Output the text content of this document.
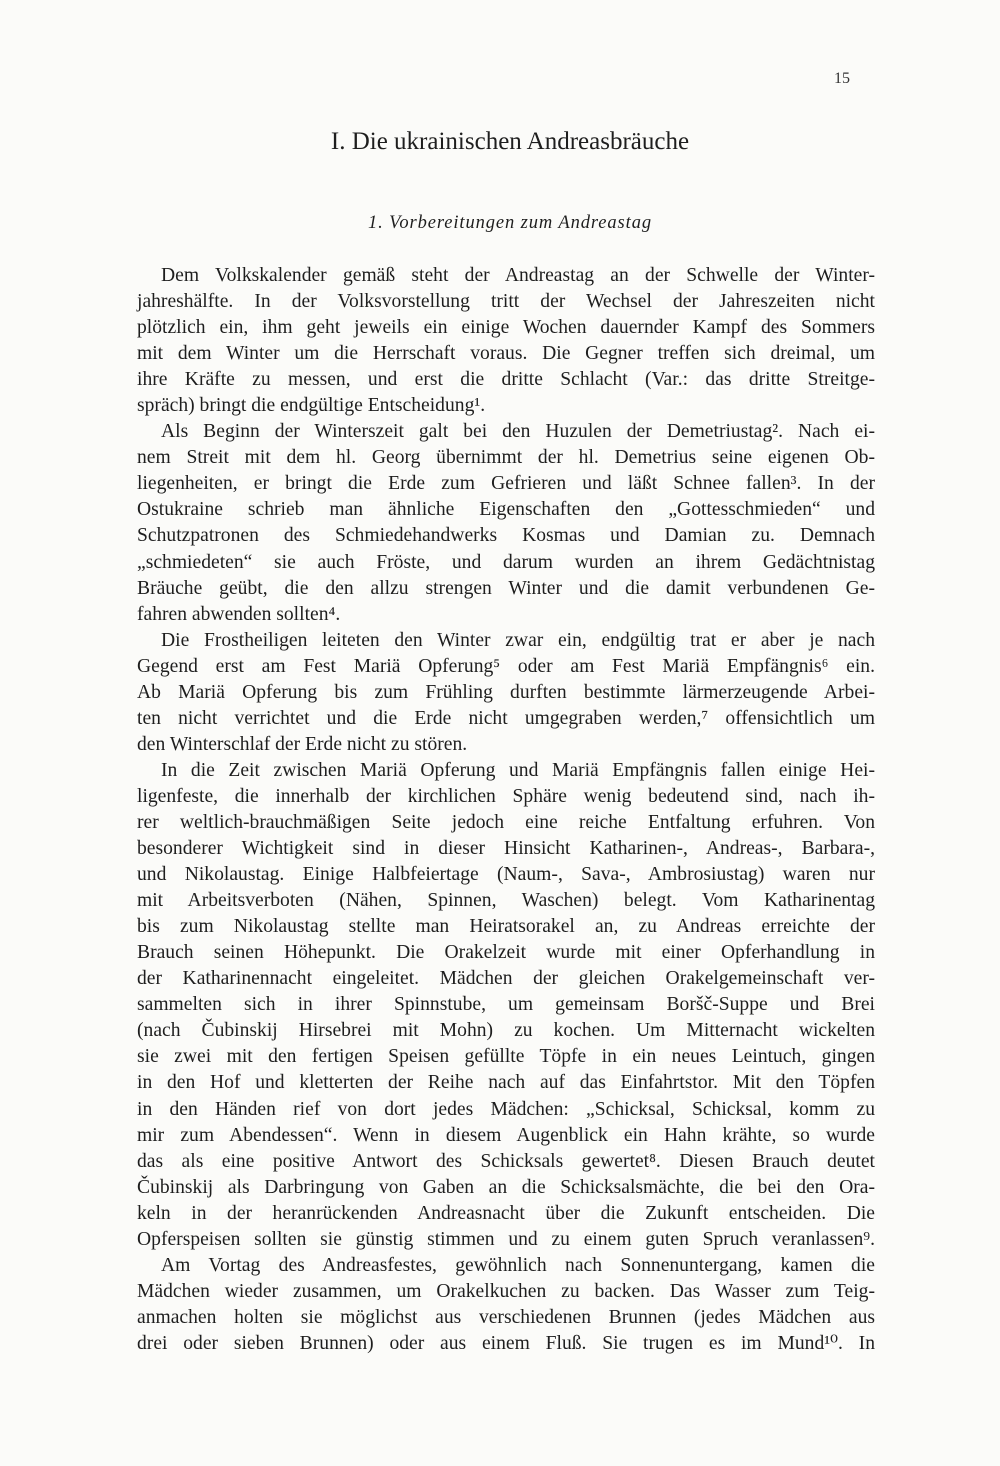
15
I. Die ukrainischen Andreasbräuche
1. Vorbereitungen zum Andreastag
Dem Volkskalender gemäß steht der Andreastag an der Schwelle der Winter-
jahreshälfte. In der Volksvorstellung tritt der Wechsel der Jahreszeiten nicht
plötzlich ein, ihm geht jeweils ein einige Wochen dauernder Kampf des Sommers
mit dem Winter um die Herrschaft voraus. Die Gegner treffen sich dreimal, um
ihre Kräfte zu messen, und erst die dritte Schlacht (Var.: das dritte Streitge-
spräch) bringt die endgültige Entscheidung¹.
Als Beginn der Winterszeit galt bei den Huzulen der Demetriustag². Nach ei-
nem Streit mit dem hl. Georg übernimmt der hl. Demetrius seine eigenen Ob-
liegenheiten, er bringt die Erde zum Gefrieren und läßt Schnee fallen³. In der
Ostukraine schrieb man ähnliche Eigenschaften den „Gottesschmieden“ und
Schutzpatronen des Schmiedehandwerks Kosmas und Damian zu. Demnach
„schmiedeten“ sie auch Fröste, und darum wurden an ihrem Gedächtnistag
Bräuche geübt, die den allzu strengen Winter und die damit verbundenen Ge-
fahren abwenden sollten⁴.
Die Frostheiligen leiteten den Winter zwar ein, endgültig trat er aber je nach
Gegend erst am Fest Mariä Opferung⁵ oder am Fest Mariä Empfängnis⁶ ein.
Ab Mariä Opferung bis zum Frühling durften bestimmte lärmerzeugende Arbei-
ten nicht verrichtet und die Erde nicht umgegraben werden,⁷ offensichtlich um
den Winterschlaf der Erde nicht zu stören.
In die Zeit zwischen Mariä Opferung und Mariä Empfängnis fallen einige Hei-
ligenfeste, die innerhalb der kirchlichen Sphäre wenig bedeutend sind, nach ih-
rer weltlich-brauchmäßigen Seite jedoch eine reiche Entfaltung erfuhren. Von
besonderer Wichtigkeit sind in dieser Hinsicht Katharinen-, Andreas-, Barbara-,
und Nikolaustag. Einige Halbfeiertage (Naum-, Sava-, Ambrosiustag) waren nur
mit Arbeitsverboten (Nähen, Spinnen, Waschen) belegt. Vom Katharinentag
bis zum Nikolaustag stellte man Heiratsorakel an, zu Andreas erreichte der
Brauch seinen Höhepunkt. Die Orakelzeit wurde mit einer Opferhandlung in
der Katharinennacht eingeleitet. Mädchen der gleichen Orakelgemeinschaft ver-
sammelten sich in ihrer Spinnstube, um gemeinsam Boršč-Suppe und Brei
(nach Čubinskij Hirsebrei mit Mohn) zu kochen. Um Mitternacht wickelten
sie zwei mit den fertigen Speisen gefüllte Töpfe in ein neues Leintuch, gingen
in den Hof und kletterten der Reihe nach auf das Einfahrtstor. Mit den Töpfen
in den Händen rief von dort jedes Mädchen: „Schicksal, Schicksal, komm zu
mir zum Abendessen“. Wenn in diesem Augenblick ein Hahn krähte, so wurde
das als eine positive Antwort des Schicksals gewertet⁸. Diesen Brauch deutet
Čubinskij als Darbringung von Gaben an die Schicksalsmächte, die bei den Ora-
keln in der heranrückenden Andreasnacht über die Zukunft entscheiden. Die
Opferspeisen sollten sie günstig stimmen und zu einem guten Spruch veranlassen⁹.
Am Vortag des Andreasfestes, gewöhnlich nach Sonnenuntergang, kamen die
Mädchen wieder zusammen, um Orakelkuchen zu backen. Das Wasser zum Teig-
anmachen holten sie möglichst aus verschiedenen Brunnen (jedes Mädchen aus
drei oder sieben Brunnen) oder aus einem Fluß. Sie trugen es im Mund¹⁰. In
